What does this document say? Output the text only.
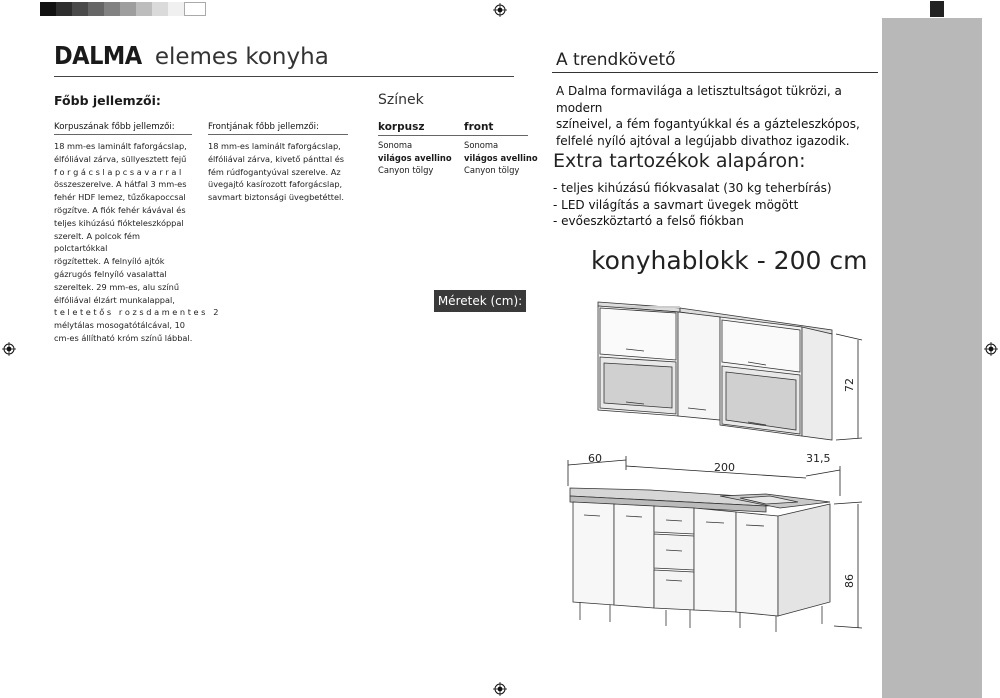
DALMA elemes konyha
Főbb jellemzői:
Korpuszának főbb jellemzői:
18 mm-es laminált faforgácslap,
élfóliával zárva, süllyesztett fejű
f o r g á c s l a p c s a v a r r a l
összeszerelve. A hátfal 3 mm-es
fehér HDF lemez, tűzőkapoccsal
rögzítve. A fiók fehér kávával és
teljes kihúzású fiókteleszkóppal
szerelt. A polcok fém polctartókkal
rögzítettek. A felnyíló ajtók
gázrugós felnyíló vasalattal
szereltek. 29 mm-es, alu színű
élfóliával élzárt munkalappal,
t e l e t e t ő s   r o z s d a m e n t e s   2
mélytálas mosogatótálcával, 10
cm-es állítható króm színű lábbal.
Frontjának főbb jellemzői:
18 mm-es laminált faforgácslap,
élfóliával zárva, kivető pánttal és
fém rúdfogantyúval szerelve. Az
üvegajtó kasírozott faforgácslap,
savmart biztonsági üvegbetéttel.
Színek
korpusz	front
Sonoma
világos avellino
Canyon tölgy
Sonoma
világos avellino
Canyon tölgy
Méretek (cm):
A trendkövető
A Dalma formavilága a letisztultságot tükrözi, a modern
színeivel, a fém fogantyúkkal és a gázteleszkópos,
felfelé nyíló ajtóval a legújabb divathoz igazodik.
Extra tartozékok alapáron:
- teljes kihúzású fiókvasalat (30 kg teherbírás)
- LED világítás a savmart üvegek mögött
- evőeszköztartó a felső fiókban
konyhablokk - 200 cm
72
60
200
31,5
86
